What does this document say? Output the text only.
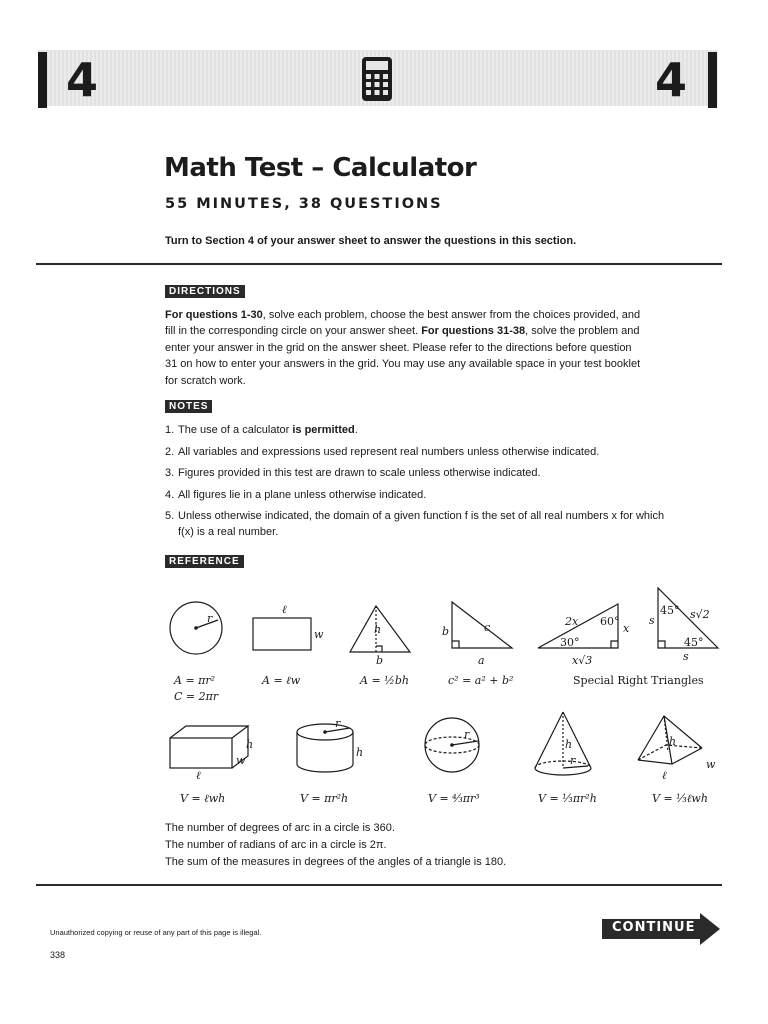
4	4
Math Test – Calculator
55 MINUTES, 38 QUESTIONS
Turn to Section 4 of your answer sheet to answer the questions in this section.
DIRECTIONS
For questions 1-30, solve each problem, choose the best answer from the choices provided, and fill in the corresponding circle on your answer sheet. For questions 31-38, solve the problem and enter your answer in the grid on the answer sheet. Please refer to the directions before question 31 on how to enter your answers in the grid. You may use any available space in your test booklet for scratch work.
NOTES
1. The use of a calculator is permitted.
2. All variables and expressions used represent real numbers unless otherwise indicated.
3. Figures provided in this test are drawn to scale unless otherwise indicated.
4. All figures lie in a plane unless otherwise indicated.
5. Unless otherwise indicated, the domain of a given function f is the set of all real numbers x for which f(x) is a real number.
REFERENCE
r
ℓ
w	h
b
b	c
a
2x 60°
x
30°
x√3
s
45° s√2
45°
s
h
w
ℓ
r
h
r
h
r
h
w
ℓ
A = πr²
C = 2πr
A = ℓw	A = ½bh	c² = a² + b²	Special Right Triangles
V = ℓwh	V = πr²h	V = ⁴⁄₃πr³	V = ⅓πr²h	V = ⅓ℓwh
The number of degrees of arc in a circle is 360.
The number of radians of arc in a circle is 2π.
The sum of the measures in degrees of the angles of a triangle is 180.
Unauthorized copying or reuse of any part of this page is illegal.
338
CONTINUE
